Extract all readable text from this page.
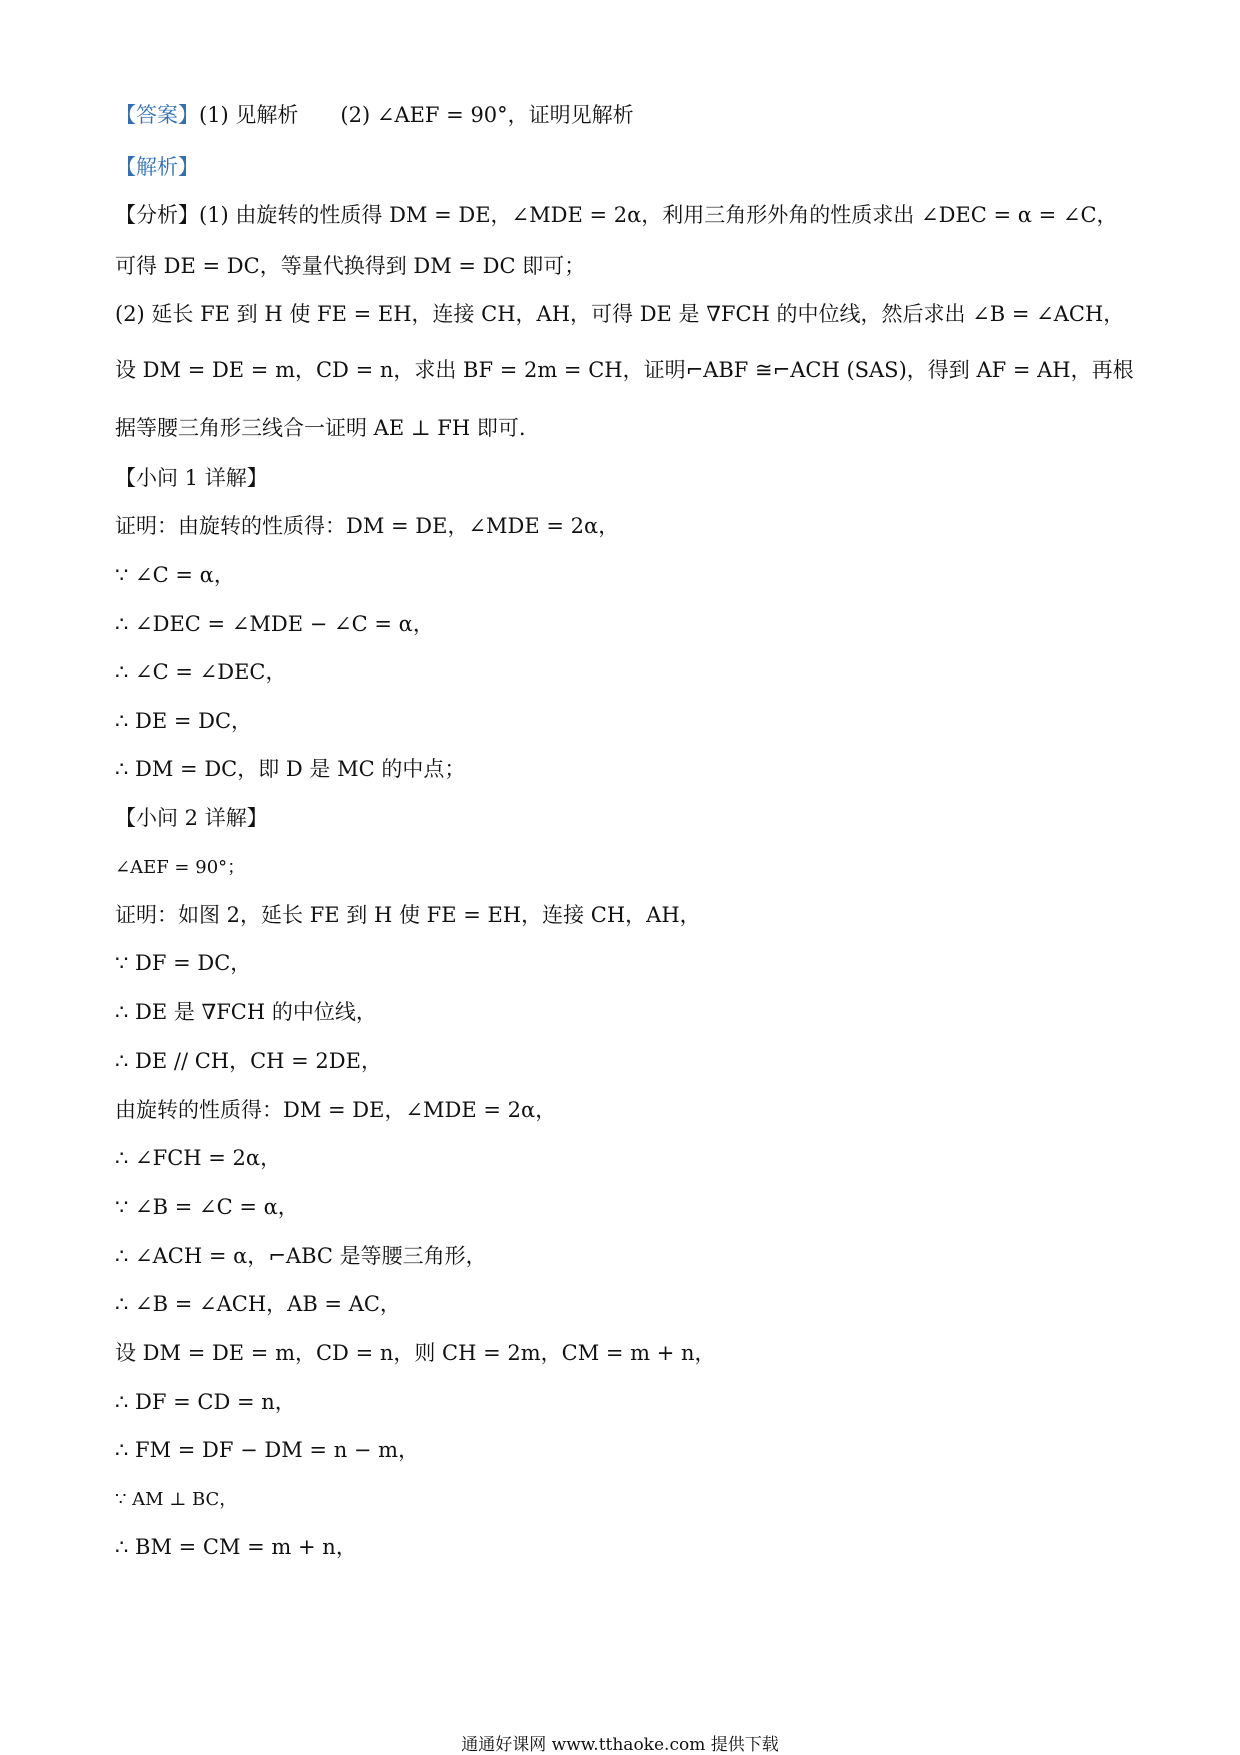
【答案】(1) 见解析　　(2) ∠AEF = 90°，证明见解析
【解析】
【分析】(1) 由旋转的性质得 DM = DE，∠MDE = 2α，利用三角形外角的性质求出 ∠DEC = α = ∠C，
可得 DE = DC，等量代换得到 DM = DC 即可；
(2) 延长 FE 到 H 使 FE = EH，连接 CH，AH，可得 DE 是 ∇FCH 的中位线，然后求出 ∠B = ∠ACH，
设 DM = DE = m，CD = n，求出 BF = 2m = CH，证明⌐ABF ≅⌐ACH (SAS)，得到 AF = AH，再根
据等腰三角形三线合一证明 AE ⊥ FH 即可.
【小问 1 详解】
证明：由旋转的性质得：DM = DE，∠MDE = 2α，
∵ ∠C = α，
∴ ∠DEC = ∠MDE − ∠C = α，
∴ ∠C = ∠DEC，
∴ DE = DC，
∴ DM = DC，即 D 是 MC 的中点；
【小问 2 详解】
∠AEF = 90°；
证明：如图 2，延长 FE 到 H 使 FE = EH，连接 CH，AH，
∵ DF = DC，
∴ DE 是 ∇FCH 的中位线，
∴ DE // CH，CH = 2DE，
由旋转的性质得：DM = DE，∠MDE = 2α，
∴ ∠FCH = 2α，
∵ ∠B = ∠C = α，
∴ ∠ACH = α，⌐ABC 是等腰三角形，
∴ ∠B = ∠ACH，AB = AC，
设 DM = DE = m，CD = n，则 CH = 2m，CM = m + n，
∴ DF = CD = n，
∴ FM = DF − DM = n − m，
∵ AM ⊥ BC，
∴ BM = CM = m + n，
通通好课网 www.tthaoke.com 提供下载
